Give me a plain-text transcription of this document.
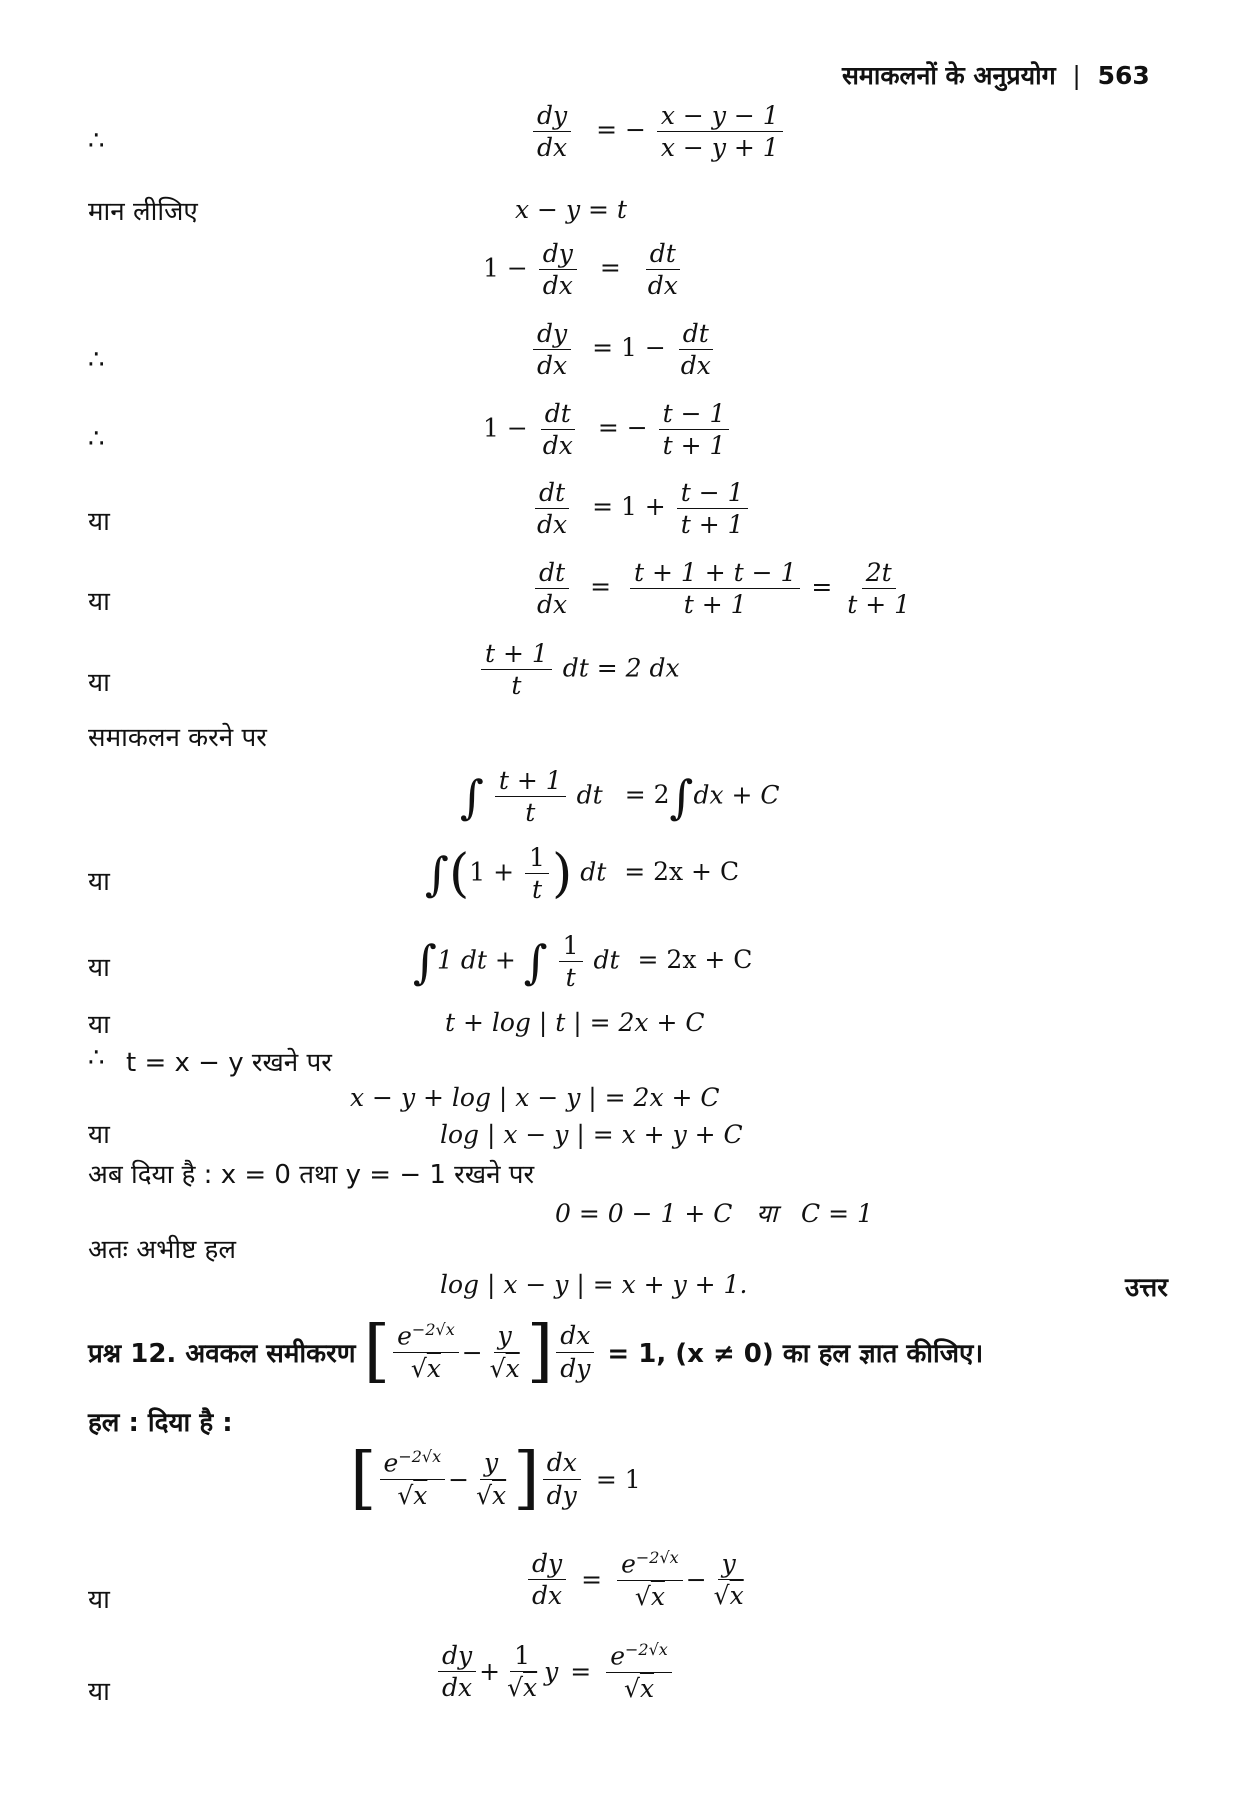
समाकलनों के अनुप्रयोग | 563
∴	$\frac{dy}{dx}$ = − $\frac{x - y - 1}{x - y + 1}$
मान लीजिए	x − y = t
$1 - \frac{dy}{dx} = \frac{dt}{dx}$
∴	$\frac{dy}{dx} = 1 - \frac{dt}{dx}$
∴	$1 - \frac{dt}{dx}$ = − $\frac{t - 1}{t + 1}$
या	$\frac{dt}{dx} = 1 + \frac{t - 1}{t + 1}$
या	$\frac{dt}{dx} = \frac{t + 1 + t - 1}{t + 1} = \frac{2t}{t + 1}$
या	$\frac{t + 1}{t}$ dt = 2 dx
समाकलन करने पर
∫ $\frac{t + 1}{t}$ dt = 2∫dx + C
या	$\int(1 + \frac{1}{t}$ ) dt = 2x + C
या	∫1 dt + ∫ $\frac{1}{t}$ dt = 2x + C
या	t + log | t | = 2x + C
∴ t = x − y रखने पर
x − y + log | x − y | = 2x + C
या	log | x − y | = x + y + C
अब दिया है : x = 0 तथा y = − 1 रखने पर
0 = 0 − 1 + C   या   C = 1
अतः अभीष्ट हल
log | x − y | = x + y + 1.	उत्तर
प्रश्न 12. अवकल समीकरण [ $\frac{e^{-2√x}}{√x} - \frac{y}{√x}$ ] $\frac{dx}{dy} = 1$, (x ≠ 0) का हल ज्ञात कीजिए।
हल : दिया है :
[ $\frac{e^{-2√x}}{√x} - \frac{y}{√x}$ ] $\frac{dx}{dy} = 1$
या	$\frac{dy}{dx} = \frac{e^{-2√x}}{√x} - \frac{y}{√x}$
या	$\frac{dy}{dx} + \frac{1}{√x}$ $y = \frac{e^{-2√x}}{√x}$
